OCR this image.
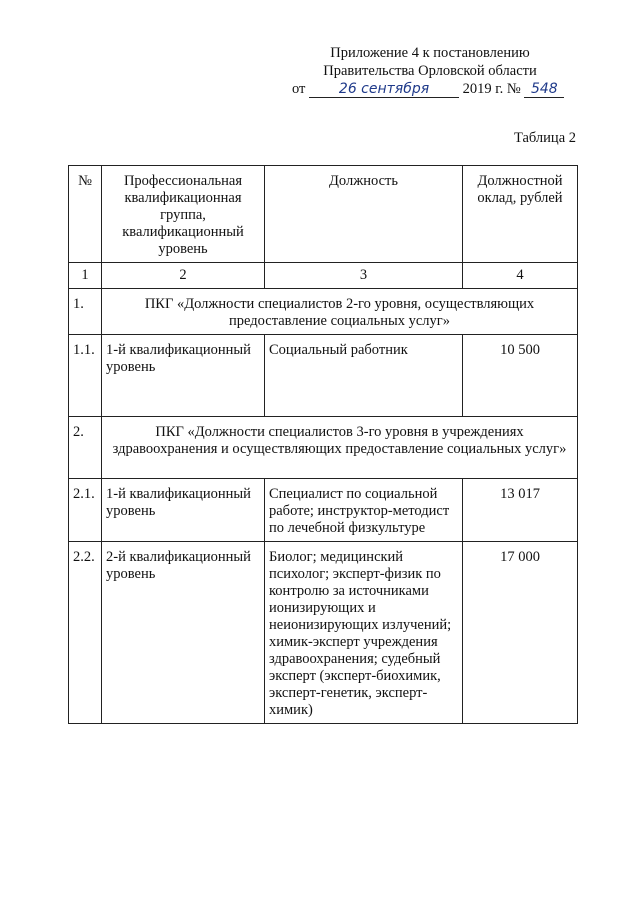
Приложение 4 к постановлению
Правительства Орловской области
от 26 сентября 2019 г. № 548
Таблица 2
№	Профессиональная квалификационная группа, квалификационный уровень	Должность	Должностной оклад, рублей
1	2	3	4
1.	ПКГ «Должности специалистов 2-го уровня, осуществляющих предоставление социальных услуг»		
1.1.	1-й квалификационный уровень	Социальный работник	10 500
2.	ПКГ «Должности специалистов 3-го уровня в учреждениях здравоохранения и осуществляющих предоставление социальных услуг»		
2.1.	1-й квалификационный уровень	Специалист по социальной работе; инструктор-методист по лечебной физкультуре	13 017
2.2.	2-й квалификационный уровень	Биолог; медицинский психолог; эксперт-физик по контролю за источниками ионизирующих и неионизирующих излучений; химик-эксперт учреждения здравоохранения; судебный эксперт (эксперт-биохимик, эксперт-генетик, эксперт-химик)	17 000
